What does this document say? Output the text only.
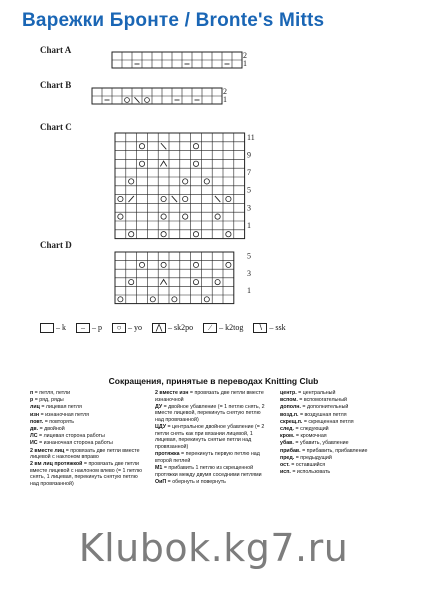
Варежки Бронте / Bronte's Mitts
Chart A
Chart B
Chart C
Chart D
2
1
2
1
11
9
7
5
3
1
5
3
1
– k – – p ○ – yo ⋀ – sk2po ∕ – k2tog ∖ – ssk
Сокращения, принятые в переводах Knitting Club

п = петля, петли

р = ряд, ряды

лиц = лицевая петля

изн = изнаночная петля

повт. = повторять

дв. = двойной

ЛС = лицевая сторона работы

ИС = изнаночная сторона работы

2 вместе лиц = провязать две петли вместе лицевой с наклоном вправо

2 вм лиц протяжкой = провязать две петли вместе лицевой с наклоном влево (= 1 петлю снять, 1 лицевая, перекинуть снятую петлю над провязанной)

2 вместе изн = провязать две петли вместе изнаночной

ДУ = двойное убавление (= 1 петлю снять, 2 вместе лицевой, перекинуть снятую петлю над провязанной)

ЦДУ = центральное двойное убавление (= 2 петли снять как при вязании лицевой, 1 лицевая, перекинуть снятые петли над провязанной)

протяжка = перекинуть первую петлю над второй петлей

М1 = прибавить 1 петлю из скрещенной протяжки между двумя соседними петлями

ОиП = обернуть и повернуть

центр. = центральный

вспом. = вспомогательный

дополн. = дополнительный

возд.п. = воздушная петля

скрещ.п. = скрещенная петля

след. = следующий

кром. = кромочная

убав. = убавить, убавление

прибав. = прибавить, прибавление

пред. = предыдущий

ост. = оставшийся

исп. = использовать

Klubok.kg7.ru
